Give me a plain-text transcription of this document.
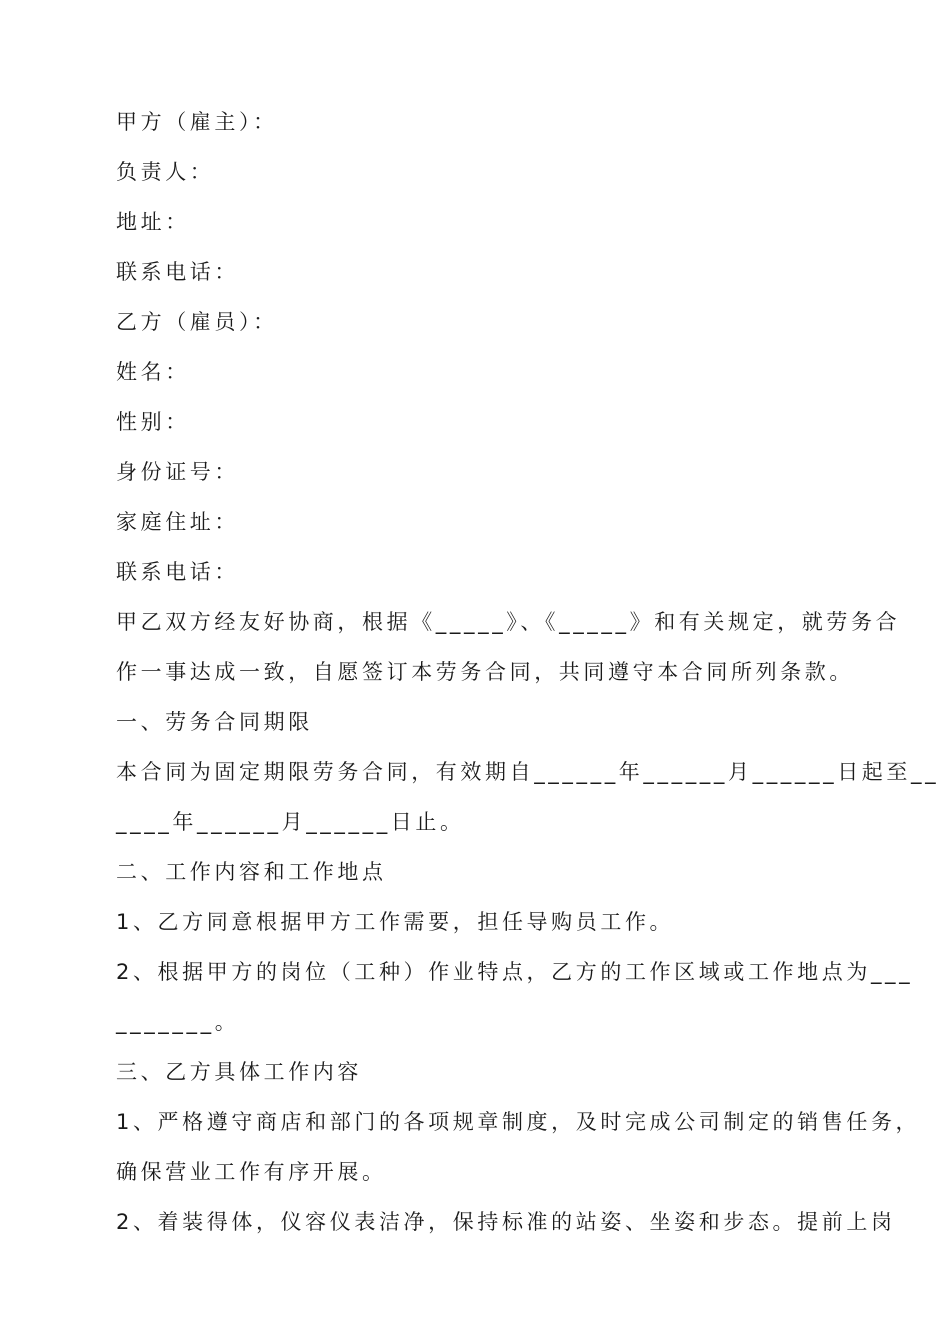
甲方（雇主）：
负责人：
地址：
联系电话：
乙方（雇员）：
姓名：
性别：
身份证号：
家庭住址：
联系电话：
甲乙双方经友好协商，根据《_____》、《_____》和有关规定，就劳务合
作一事达成一致，自愿签订本劳务合同，共同遵守本合同所列条款。
一、劳务合同期限
本合同为固定期限劳务合同，有效期自______年______月______日起至__
____年______月______日止。
二、工作内容和工作地点
1、乙方同意根据甲方工作需要，担任导购员工作。
2、根据甲方的岗位（工种）作业特点，乙方的工作区域或工作地点为___
_______。
三、乙方具体工作内容
1、严格遵守商店和部门的各项规章制度，及时完成公司制定的销售任务，
确保营业工作有序开展。
2、着装得体，仪容仪表洁净，保持标准的站姿、坐姿和步态。提前上岗
